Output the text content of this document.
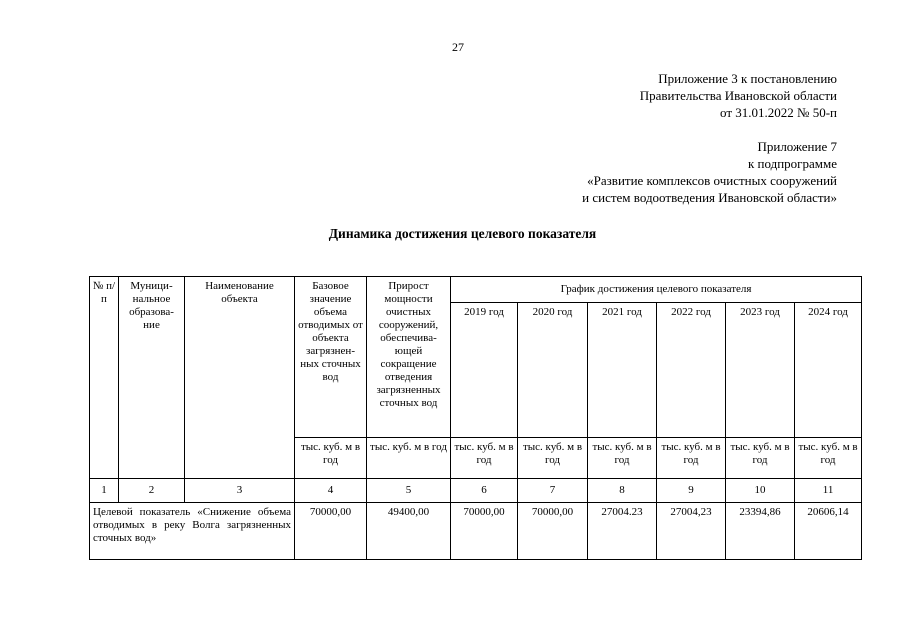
27
Приложение 3 к постановлению
Правительства Ивановской области
от 31.01.2022 № 50-п
Приложение 7
к подпрограмме
«Развитие комплексов очистных сооружений
и систем водоотведения Ивановской области»
Динамика достижения целевого показателя
№ п/п	Муници-нальное образова-ние	Наименование объекта	Базовое значение объема отводимых от объекта загрязнен-ных сточных вод	Прирост мощности очистных сооружений, обеспечива-ющей сокращение отведения загрязненных сточных вод	График достижения целевого показателя					
					2019 год	2020 год	2021 год	2022 год	2023 год	2024 год
			тыс. куб. м в год	тыс. куб. м в год	тыс. куб. м в год	тыс. куб. м в год	тыс. куб. м в год	тыс. куб. м в год	тыс. куб. м в год	тыс. куб. м в год
1	2	3	4	5	6	7	8	9	10	11
Целевой показатель «Снижение объема отводимых в реку Волга загрязненных сточных вод»			70000,00	49400,00	70000,00	70000,00	27004.23	27004,23	23394,86	20606,14
